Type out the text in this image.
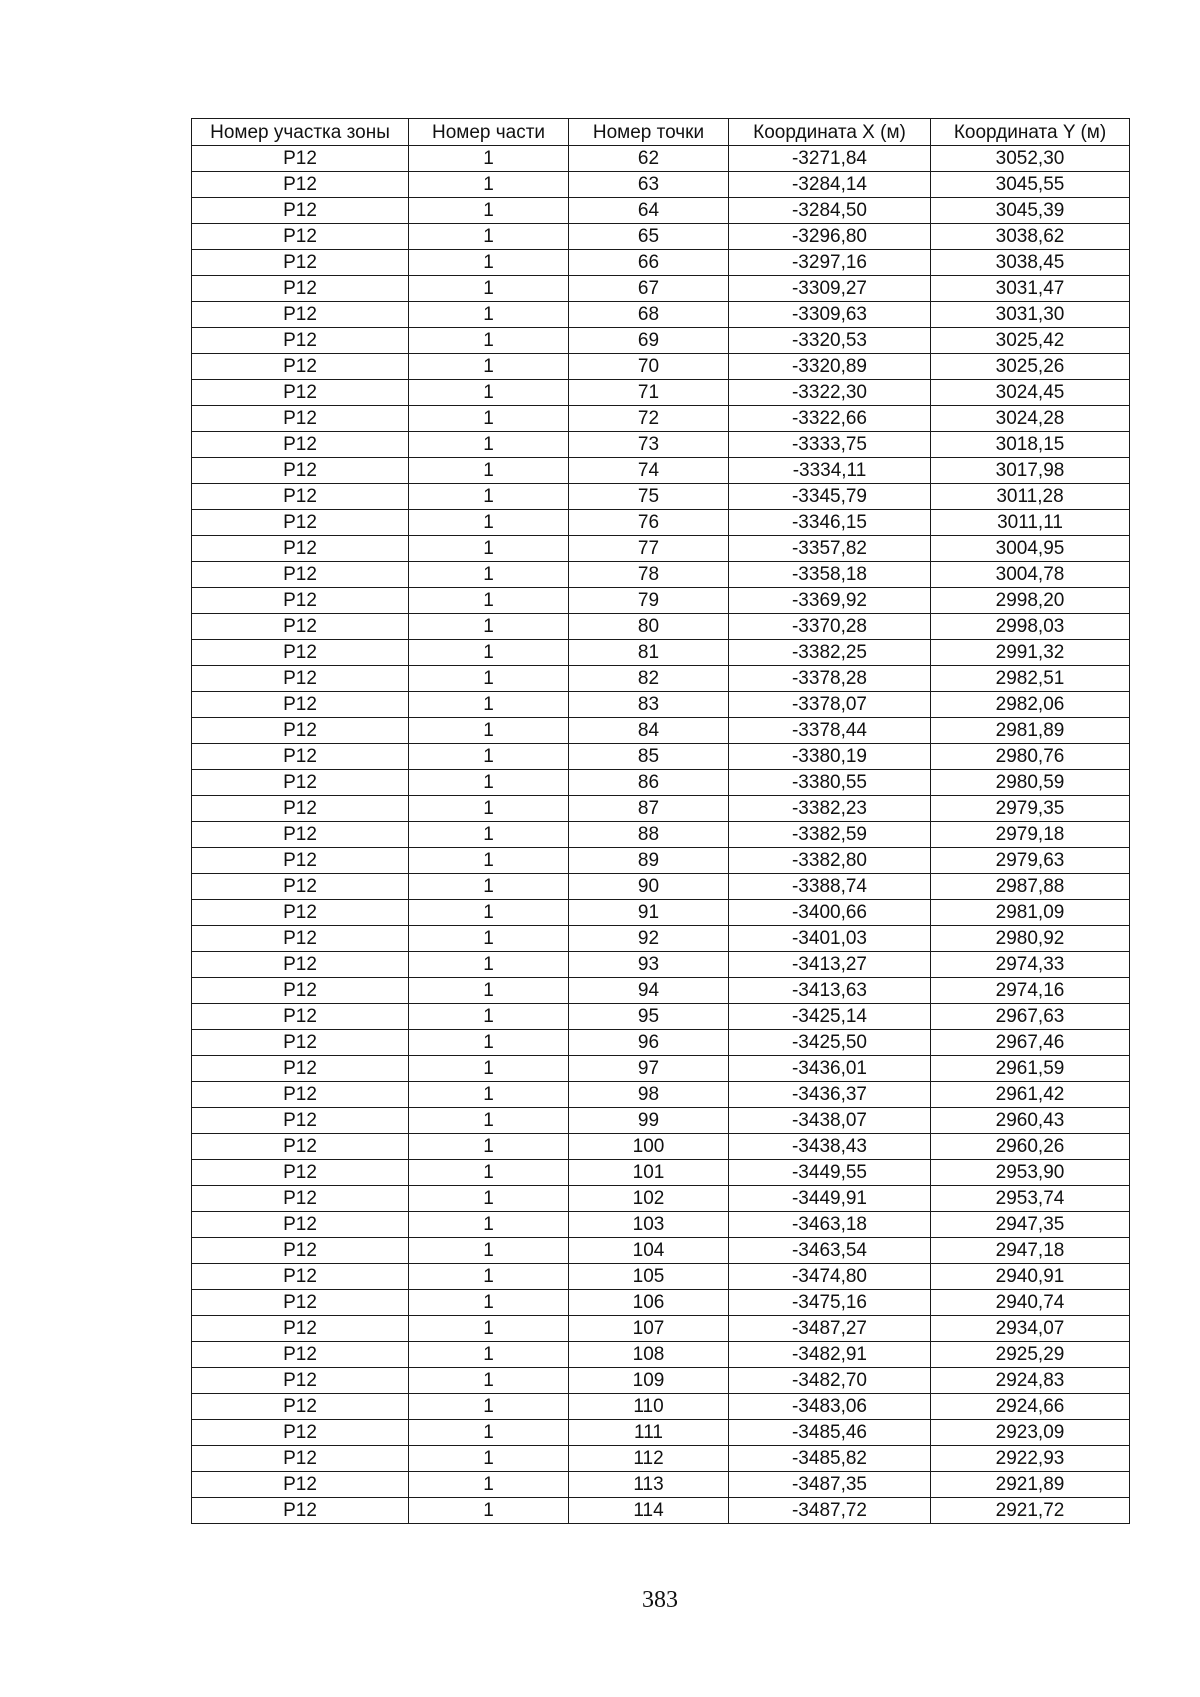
Номер участка зоны	Номер части	Номер точки	Координата X (м)	Координата Y (м)
P12	1	62	-3271,84	3052,30
P12	1	63	-3284,14	3045,55
P12	1	64	-3284,50	3045,39
P12	1	65	-3296,80	3038,62
P12	1	66	-3297,16	3038,45
P12	1	67	-3309,27	3031,47
P12	1	68	-3309,63	3031,30
P12	1	69	-3320,53	3025,42
P12	1	70	-3320,89	3025,26
P12	1	71	-3322,30	3024,45
P12	1	72	-3322,66	3024,28
P12	1	73	-3333,75	3018,15
P12	1	74	-3334,11	3017,98
P12	1	75	-3345,79	3011,28
P12	1	76	-3346,15	3011,11
P12	1	77	-3357,82	3004,95
P12	1	78	-3358,18	3004,78
P12	1	79	-3369,92	2998,20
P12	1	80	-3370,28	2998,03
P12	1	81	-3382,25	2991,32
P12	1	82	-3378,28	2982,51
P12	1	83	-3378,07	2982,06
P12	1	84	-3378,44	2981,89
P12	1	85	-3380,19	2980,76
P12	1	86	-3380,55	2980,59
P12	1	87	-3382,23	2979,35
P12	1	88	-3382,59	2979,18
P12	1	89	-3382,80	2979,63
P12	1	90	-3388,74	2987,88
P12	1	91	-3400,66	2981,09
P12	1	92	-3401,03	2980,92
P12	1	93	-3413,27	2974,33
P12	1	94	-3413,63	2974,16
P12	1	95	-3425,14	2967,63
P12	1	96	-3425,50	2967,46
P12	1	97	-3436,01	2961,59
P12	1	98	-3436,37	2961,42
P12	1	99	-3438,07	2960,43
P12	1	100	-3438,43	2960,26
P12	1	101	-3449,55	2953,90
P12	1	102	-3449,91	2953,74
P12	1	103	-3463,18	2947,35
P12	1	104	-3463,54	2947,18
P12	1	105	-3474,80	2940,91
P12	1	106	-3475,16	2940,74
P12	1	107	-3487,27	2934,07
P12	1	108	-3482,91	2925,29
P12	1	109	-3482,70	2924,83
P12	1	110	-3483,06	2924,66
P12	1	111	-3485,46	2923,09
P12	1	112	-3485,82	2922,93
P12	1	113	-3487,35	2921,89
P12	1	114	-3487,72	2921,72
383
